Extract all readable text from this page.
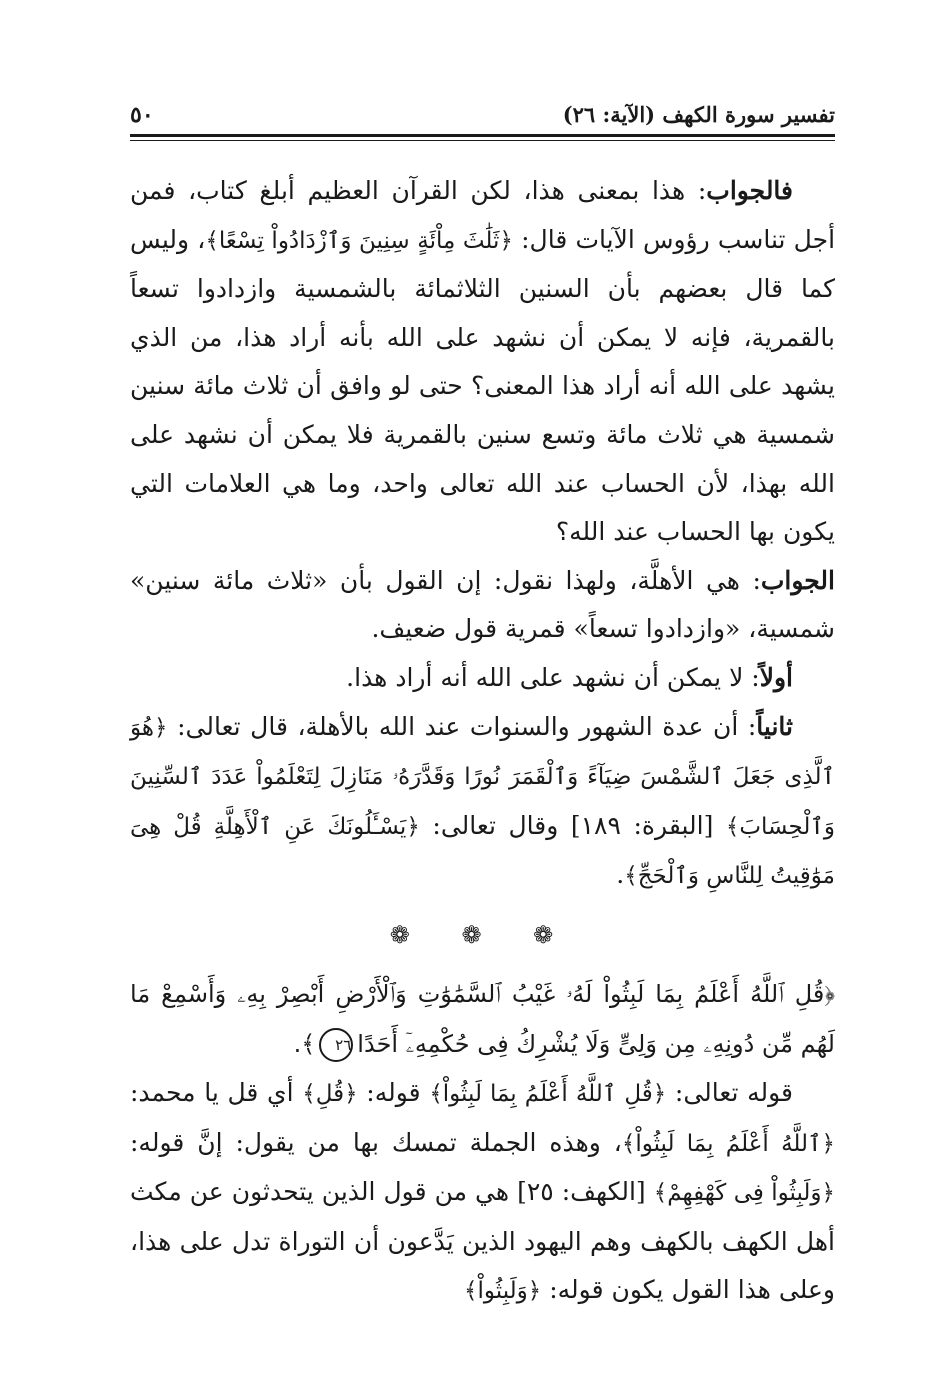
تفسير سورة الكهف (الآية: ٢٦)
٥٠

فالجواب: هذا بمعنى هذا، لكن القرآن العظيم أبلغ كتاب، فمن أجل تناسب رؤوس الآيات قال: ﴿ثَلَٰثَ مِاْئَةٍ سِنِينَ وَٱزْدَادُواْ تِسْعًا﴾، وليس كما قال بعضهم بأن السنين الثلاثمائة بالشمسية وازدادوا تسعاً بالقمرية، فإنه لا يمكن أن نشهد على الله بأنه أراد هذا، من الذي يشهد على الله أنه أراد هذا المعنى؟ حتى لو وافق أن ثلاث مائة سنين شمسية هي ثلاث مائة وتسع سنين بالقمرية فلا يمكن أن نشهد على الله بهذا، لأن الحساب عند الله تعالى واحد، وما هي العلامات التي يكون بها الحساب عند الله؟

الجواب: هي الأهلَّة، ولهذا نقول: إن القول بأن «ثلاث مائة سنين» شمسية، «وازدادوا تسعاً» قمرية قول ضعيف.

أولاً: لا يمكن أن نشهد على الله أنه أراد هذا.

ثانياً: أن عدة الشهور والسنوات عند الله بالأهلة، قال تعالى: ﴿هُوَ ٱلَّذِى جَعَلَ ٱلشَّمْسَ ضِيَآءً وَٱلْقَمَرَ نُورًا وَقَدَّرَهُۥ مَنَازِلَ لِتَعْلَمُواْ عَدَدَ ٱلسِّنِينَ وَٱلْحِسَابَ﴾ [البقرة: ١٨٩] وقال تعالى: ﴿يَسْـَٔلُونَكَ عَنِ ٱلْأَهِلَّةِ قُلْ هِىَ مَوَٰقِيتُ لِلنَّاسِ وَٱلْحَجِّ﴾.

❁ ❁ ❁
﴿قُلِ ٱللَّهُ أَعْلَمُ بِمَا لَبِثُواْ لَهُۥ غَيْبُ ٱلسَّمَٰوَٰتِ وَٱلْأَرْضِ أَبْصِرْ بِهِۦ وَأَسْمِعْ مَا لَهُم مِّن دُونِهِۦ مِن وَلِىٍّ وَلَا يُشْرِكُ فِى حُكْمِهِۦٓ أَحَدًا٢٦﴾.

قوله تعالى: ﴿قُلِ ٱللَّهُ أَعْلَمُ بِمَا لَبِثُواْ﴾ قوله: ﴿قُلِ﴾ أي قل يا محمد: ﴿ٱللَّهُ أَعْلَمُ بِمَا لَبِثُواْ﴾، وهذه الجملة تمسك بها من يقول: إنَّ قوله: ﴿وَلَبِثُواْ فِى كَهْفِهِمْ﴾ [الكهف: ٢٥] هي من قول الذين يتحدثون عن مكث أهل الكهف بالكهف وهم اليهود الذين يَدَّعون أن التوراة تدل على هذا، وعلى هذا القول يكون قوله: ﴿وَلَبِثُواْ﴾
